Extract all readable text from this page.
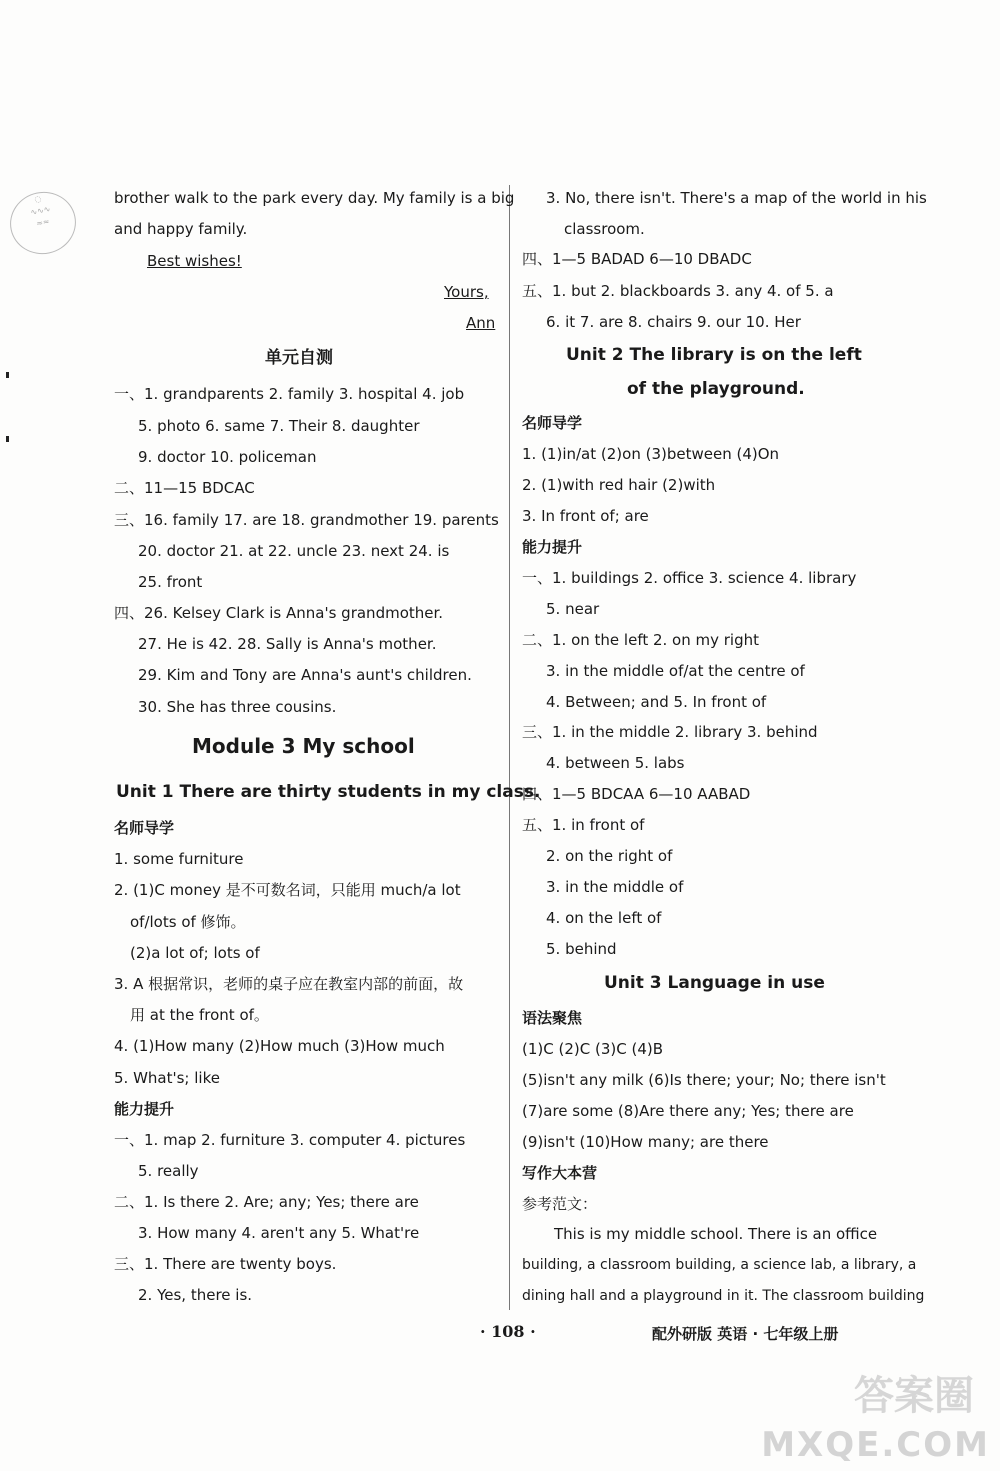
◌
∿∿∿
≈≈
brother walk to the park every day. My family is a big
and happy family.
Best wishes!
Yours,
Ann
单元自测
一、1. grandparents 2. family 3. hospital 4. job
5. photo 6. same 7. Their 8. daughter
9. doctor 10. policeman
二、11—15 BDCAC
三、16. family 17. are 18. grandmother 19. parents
20. doctor 21. at 22. uncle 23. next 24. is
25. front
四、26. Kelsey Clark is Anna's grandmother.
27. He is 42. 28. Sally is Anna's mother.
29. Kim and Tony are Anna's aunt's children.
30. She has three cousins.
Module 3 My school
Unit 1 There are thirty students in my class.
名师导学
1. some furniture
2. (1)C money 是不可数名词，只能用 much/a lot
of/lots of 修饰。
(2)a lot of; lots of
3. A 根据常识，老师的桌子应在教室内部的前面，故
用 at the front of。
4. (1)How many (2)How much (3)How much
5. What's; like
能力提升
一、1. map 2. furniture 3. computer 4. pictures
5. really
二、1. Is there 2. Are; any; Yes; there are
3. How many 4. aren't any 5. What're
三、1. There are twenty boys.
2. Yes, there is.
3. No, there isn't. There's a map of the world in his
classroom.
四、1—5 BADAD 6—10 DBADC
五、1. but 2. blackboards 3. any 4. of 5. a
6. it 7. are 8. chairs 9. our 10. Her
Unit 2 The library is on the left
of the playground.
名师导学
1. (1)in/at (2)on (3)between (4)On
2. (1)with red hair (2)with
3. In front of; are
能力提升
一、1. buildings 2. office 3. science 4. library
5. near
二、1. on the left 2. on my right
3. in the middle of/at the centre of
4. Between; and 5. In front of
三、1. in the middle 2. library 3. behind
4. between 5. labs
四、1—5 BDCAA 6—10 AABAD
五、1. in front of
2. on the right of
3. in the middle of
4. on the left of
5. behind
Unit 3 Language in use
语法聚焦
(1)C (2)C (3)C (4)B
(5)isn't any milk (6)Is there; your; No; there isn't
(7)are some (8)Are there any; Yes; there are
(9)isn't (10)How many; are there
写作大本营
参考范文：
This is my middle school. There is an office
building, a classroom building, a science lab, a library, a
dining hall and a playground in it. The classroom building
· 108 ·	配外研版 英语 · 七年级上册
答案圈
MXQE.COM
